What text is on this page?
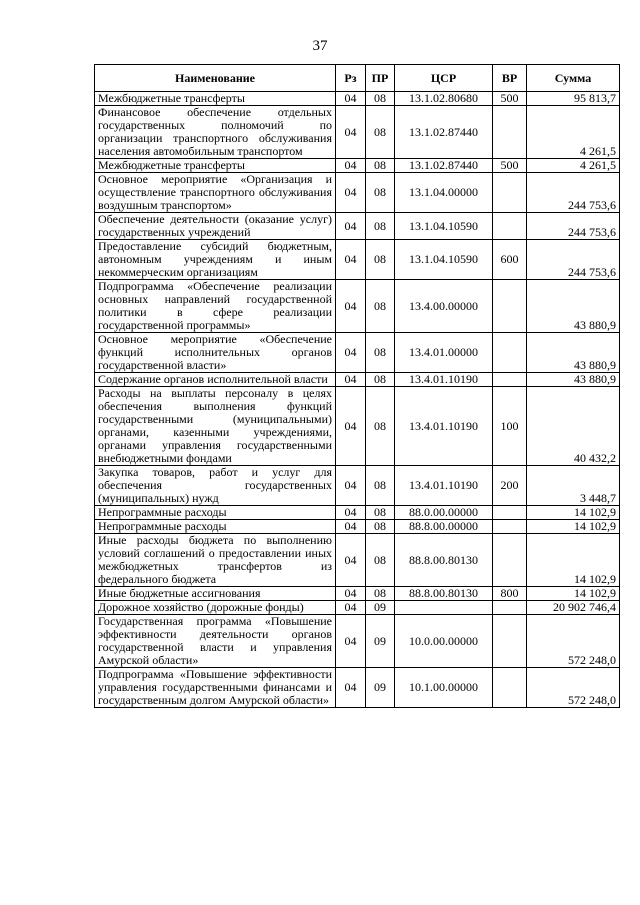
37
Наименование	Рз	ПР	ЦСР	ВР	Сумма
Межбюджетные трансферты	04	08	13.1.02.80680	500	95 813,7
Финансовое обеспечение отдельных государственных полномочий по организации транспортного обслуживания населения автомобильным транспортом	04	08	13.1.02.87440		4 261,5
Межбюджетные трансферты	04	08	13.1.02.87440	500	4 261,5
Основное мероприятие «Организация и осуществление транспортного обслуживания воздушным транспортом»	04	08	13.1.04.00000		244 753,6
Обеспечение деятельности (оказание услуг) государственных учреждений	04	08	13.1.04.10590		244 753,6
Предоставление субсидий бюджетным, автономным учреждениям и иным некоммерческим организациям	04	08	13.1.04.10590	600	244 753,6
Подпрограмма «Обеспечение реализации основных направлений государственной политики в сфере реализации государственной программы»	04	08	13.4.00.00000		43 880,9
Основное мероприятие «Обеспечение функций исполнительных органов государственной власти»	04	08	13.4.01.00000		43 880,9
Содержание органов исполнительной власти	04	08	13.4.01.10190		43 880,9
Расходы на выплаты персоналу в целях обеспечения выполнения функций государственными (муниципальными) органами, казенными учреждениями, органами управления государственными внебюджетными фондами	04	08	13.4.01.10190	100	40 432,2
Закупка товаров, работ и услуг для обеспечения государственных (муниципальных) нужд	04	08	13.4.01.10190	200	3 448,7
Непрограммные расходы	04	08	88.0.00.00000		14 102,9
Непрограммные расходы	04	08	88.8.00.00000		14 102,9
Иные расходы бюджета по выполнению условий соглашений о предоставлении иных межбюджетных трансфертов из федерального бюджета	04	08	88.8.00.80130		14 102,9
Иные бюджетные ассигнования	04	08	88.8.00.80130	800	14 102,9
Дорожное хозяйство (дорожные фонды)	04	09			20 902 746,4
Государственная программа «Повышение эффективности деятельности органов государственной власти и управления Амурской области»	04	09	10.0.00.00000		572 248,0
Подпрограмма «Повышение эффективности управления государственными финансами и государственным долгом Амурской области»	04	09	10.1.00.00000		572 248,0
